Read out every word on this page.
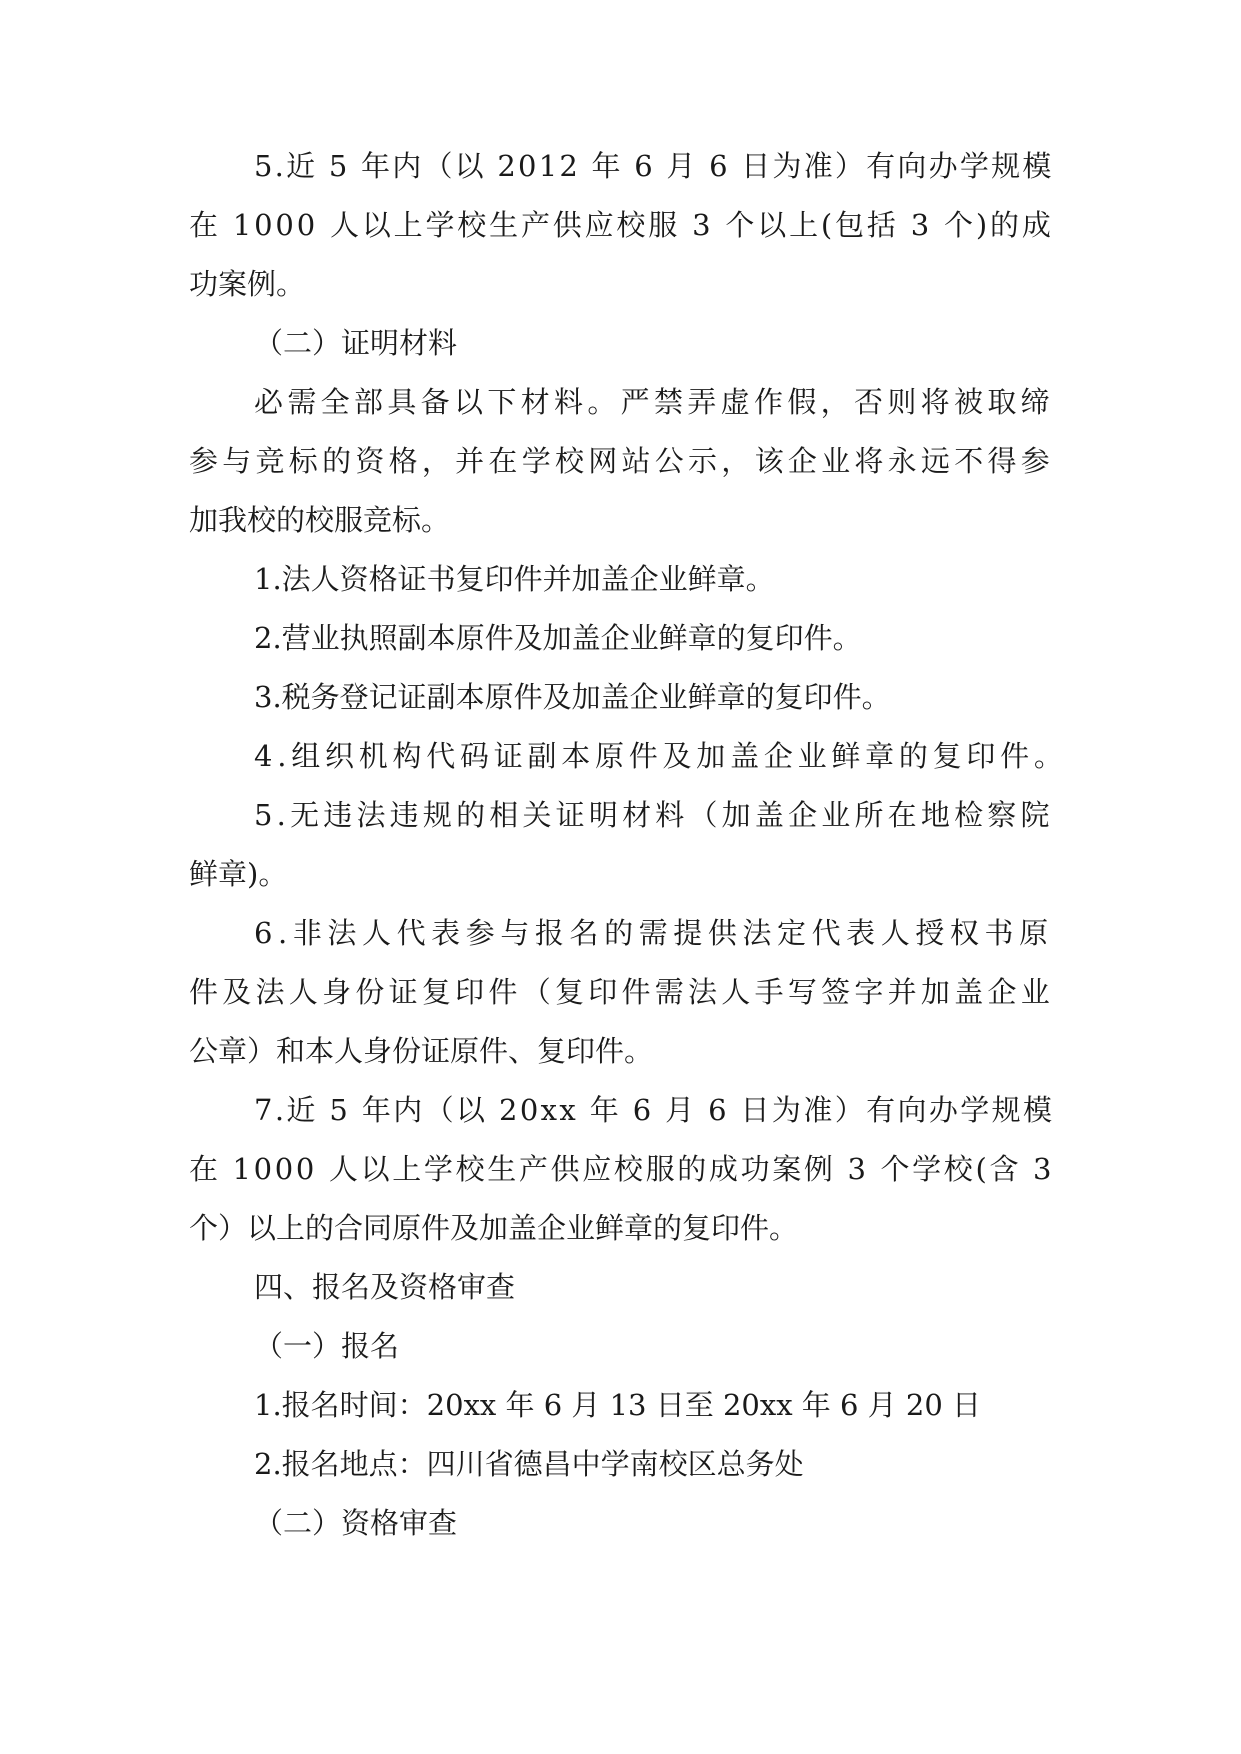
5.近 5 年内（以 2012 年 6 月 6 日为准）有向办学规模
在 1000 人以上学校生产供应校服 3 个以上(包括 3 个)的成
功案例。
（二）证明材料
必需全部具备以下材料。严禁弄虚作假，否则将被取缔
参与竞标的资格，并在学校网站公示，该企业将永远不得参
加我校的校服竞标。
1.法人资格证书复印件并加盖企业鲜章。
2.营业执照副本原件及加盖企业鲜章的复印件。
3.税务登记证副本原件及加盖企业鲜章的复印件。
4.组织机构代码证副本原件及加盖企业鲜章的复印件。
5.无违法违规的相关证明材料（加盖企业所在地检察院
鲜章)。
6.非法人代表参与报名的需提供法定代表人授权书原
件及法人身份证复印件（复印件需法人手写签字并加盖企业
公章）和本人身份证原件、复印件。
7.近 5 年内（以 20xx 年 6 月 6 日为准）有向办学规模
在 1000 人以上学校生产供应校服的成功案例 3 个学校(含 3
个）以上的合同原件及加盖企业鲜章的复印件。
四、报名及资格审查
（一）报名
1.报名时间：20xx 年 6 月 13 日至 20xx 年 6 月 20 日
2.报名地点：四川省德昌中学南校区总务处
（二）资格审查
